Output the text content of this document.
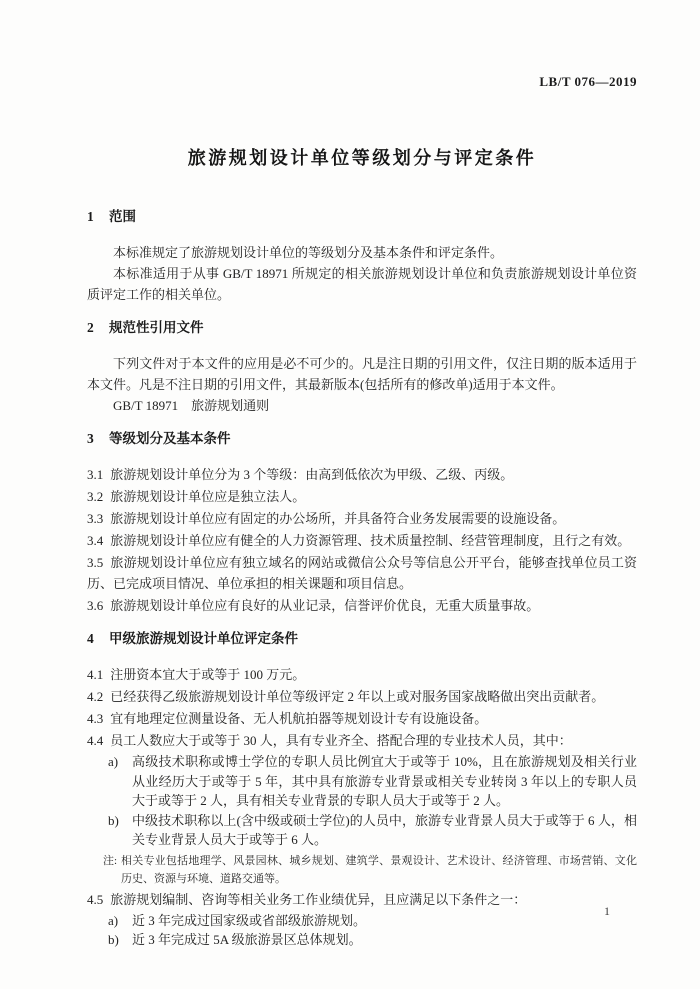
LB/T 076—2019
旅游规划设计单位等级划分与评定条件
1	范围

本标准规定了旅游规划设计单位的等级划分及基本条件和评定条件。

本标准适用于从事 GB/T 18971 所规定的相关旅游规划设计单位和负责旅游规划设计单位资质评定工作的相关单位。

2	规范性引用文件

下列文件对于本文件的应用是必不可少的。凡是注日期的引用文件，仅注日期的版本适用于本文件。凡是不注日期的引用文件，其最新版本(包括所有的修改单)适用于本文件。

GB/T 18971　旅游规划通则

3	等级划分及基本条件

3.1 旅游规划设计单位分为 3 个等级：由高到低依次为甲级、乙级、丙级。

3.2 旅游规划设计单位应是独立法人。

3.3 旅游规划设计单位应有固定的办公场所，并具备符合业务发展需要的设施设备。

3.4 旅游规划设计单位应有健全的人力资源管理、技术质量控制、经营管理制度，且行之有效。

3.5 旅游规划设计单位应有独立域名的网站或微信公众号等信息公开平台，能够查找单位员工资历、已完成项目情况、单位承担的相关课题和项目信息。

3.6 旅游规划设计单位应有良好的从业记录，信誉评价优良，无重大质量事故。

4	甲级旅游规划设计单位评定条件

4.1 注册资本宜大于或等于 100 万元。

4.2 已经获得乙级旅游规划设计单位等级评定 2 年以上或对服务国家战略做出突出贡献者。

4.3 宜有地理定位测量设备、无人机航拍器等规划设计专有设施设备。

4.4 员工人数应大于或等于 30 人，具有专业齐全、搭配合理的专业技术人员，其中：

a)	高级技术职称或博士学位的专职人员比例宜大于或等于 10%，且在旅游规划及相关行业从业经历大于或等于 5 年，其中具有旅游专业背景或相关专业转岗 3 年以上的专职人员大于或等于 2 人，具有相关专业背景的专职人员大于或等于 2 人。
b)	中级技术职称以上(含中级或硕士学位)的人员中，旅游专业背景人员大于或等于 6 人，相关专业背景人员大于或等于 6 人。
注: 相关专业包括地理学、风景园林、城乡规划、建筑学、景观设计、艺术设计、经济管理、市场营销、文化历史、资源与环境、道路交通等。

4.5 旅游规划编制、咨询等相关业务工作业绩优异，且应满足以下条件之一：

a)	近 3 年完成过国家级或省部级旅游规划。
b)	近 3 年完成过 5A 级旅游景区总体规划。
1
